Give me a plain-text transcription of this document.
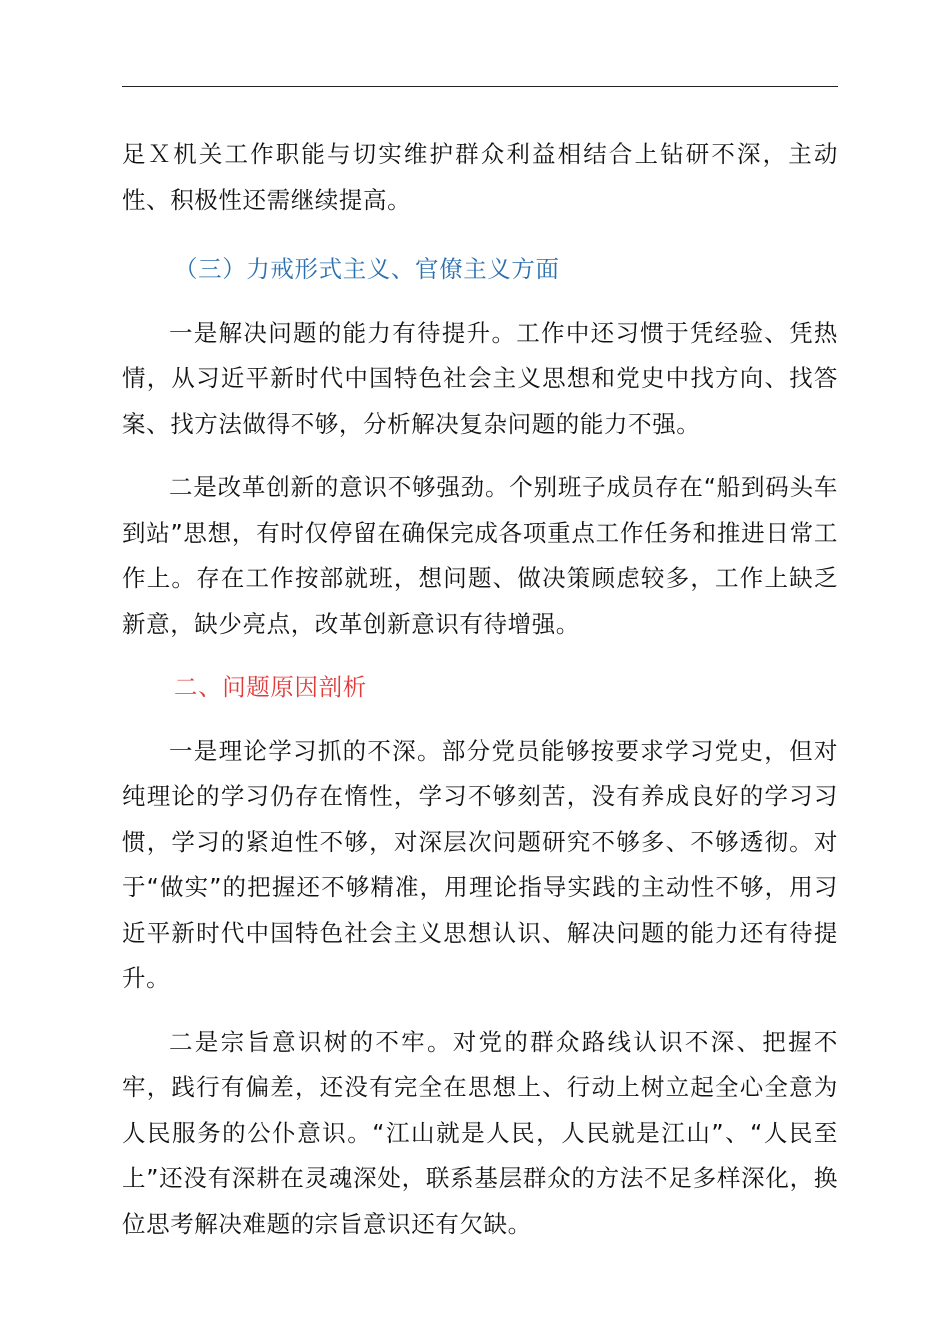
足Ｘ机关工作职能与切实维护群众利益相结合上钻研不深，主动性、积极性还需继续提高。

（三）力戒形式主义、官僚主义方面

一是解决问题的能力有待提升。工作中还习惯于凭经验、凭热情，从习近平新时代中国特色社会主义思想和党史中找方向、找答案、找方法做得不够，分析解决复杂问题的能力不强。

二是改革创新的意识不够强劲。个别班子成员存在“船到码头车到站”思想，有时仅停留在确保完成各项重点工作任务和推进日常工作上。存在工作按部就班，想问题、做决策顾虑较多，工作上缺乏新意，缺少亮点，改革创新意识有待增强。

二、问题原因剖析

一是理论学习抓的不深。部分党员能够按要求学习党史，但对纯理论的学习仍存在惰性，学习不够刻苦，没有养成良好的学习习惯，学习的紧迫性不够，对深层次问题研究不够多、不够透彻。对于“做实”的把握还不够精准，用理论指导实践的主动性不够，用习近平新时代中国特色社会主义思想认识、解决问题的能力还有待提升。

二是宗旨意识树的不牢。对党的群众路线认识不深、把握不牢，践行有偏差，还没有完全在思想上、行动上树立起全心全意为人民服务的公仆意识。“江山就是人民，人民就是江山”、“人民至上”还没有深耕在灵魂深处，联系基层群众的方法不足多样深化，换位思考解决难题的宗旨意识还有欠缺。
